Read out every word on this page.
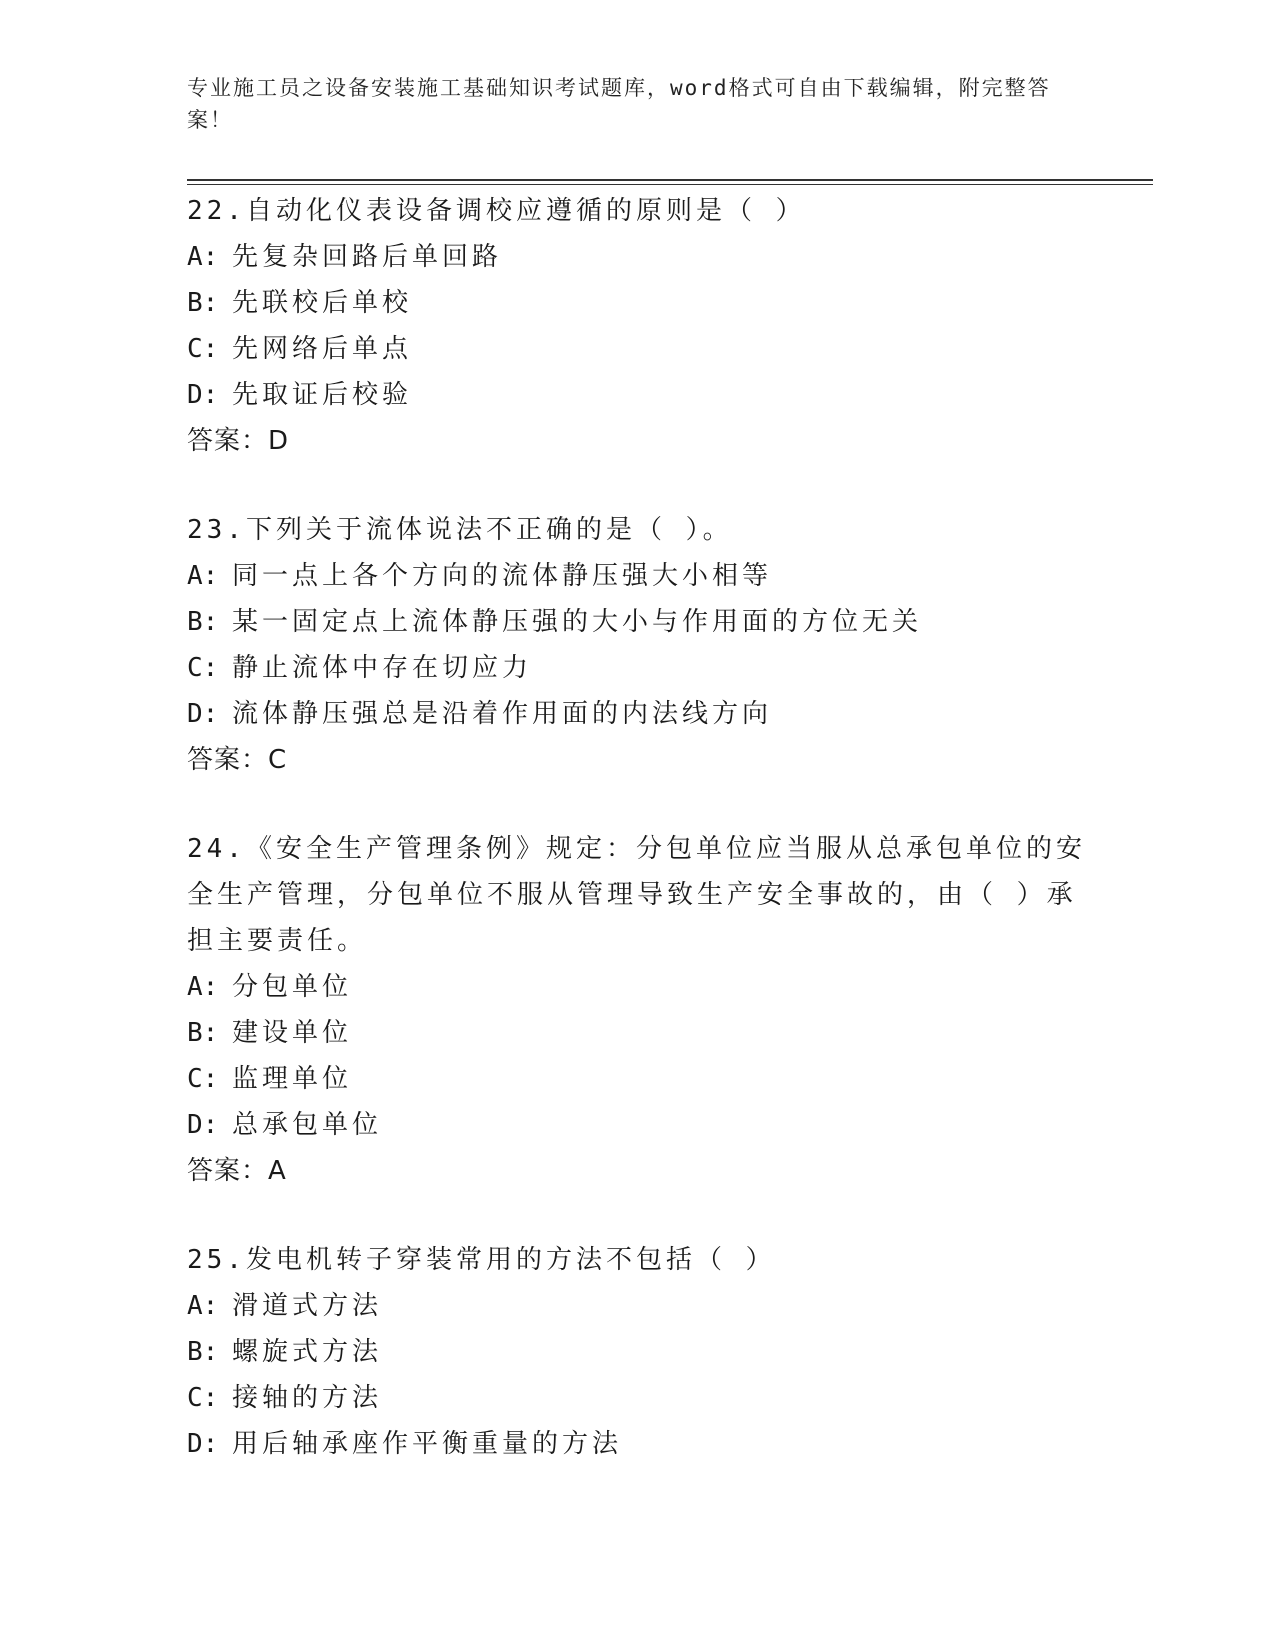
专业施工员之设备安装施工基础知识考试题库，word格式可自由下载编辑，附完整答案！

22.自动化仪表设备调校应遵循的原则是（ ）

A: 先复杂回路后单回路

B: 先联校后单校

C: 先网络后单点

D: 先取证后校验

答案：D

23.下列关于流体说法不正确的是（ ）。

A: 同一点上各个方向的流体静压强大小相等

B: 某一固定点上流体静压强的大小与作用面的方位无关

C: 静止流体中存在切应力

D: 流体静压强总是沿着作用面的内法线方向

答案：C

24.《安全生产管理条例》规定：分包单位应当服从总承包单位的安全生产管理，分包单位不服从管理导致生产安全事故的，由（ ）承担主要责任。

A: 分包单位

B: 建设单位

C: 监理单位

D: 总承包单位

答案：A

25.发电机转子穿装常用的方法不包括（ ）

A: 滑道式方法

B: 螺旋式方法

C: 接轴的方法

D: 用后轴承座作平衡重量的方法
